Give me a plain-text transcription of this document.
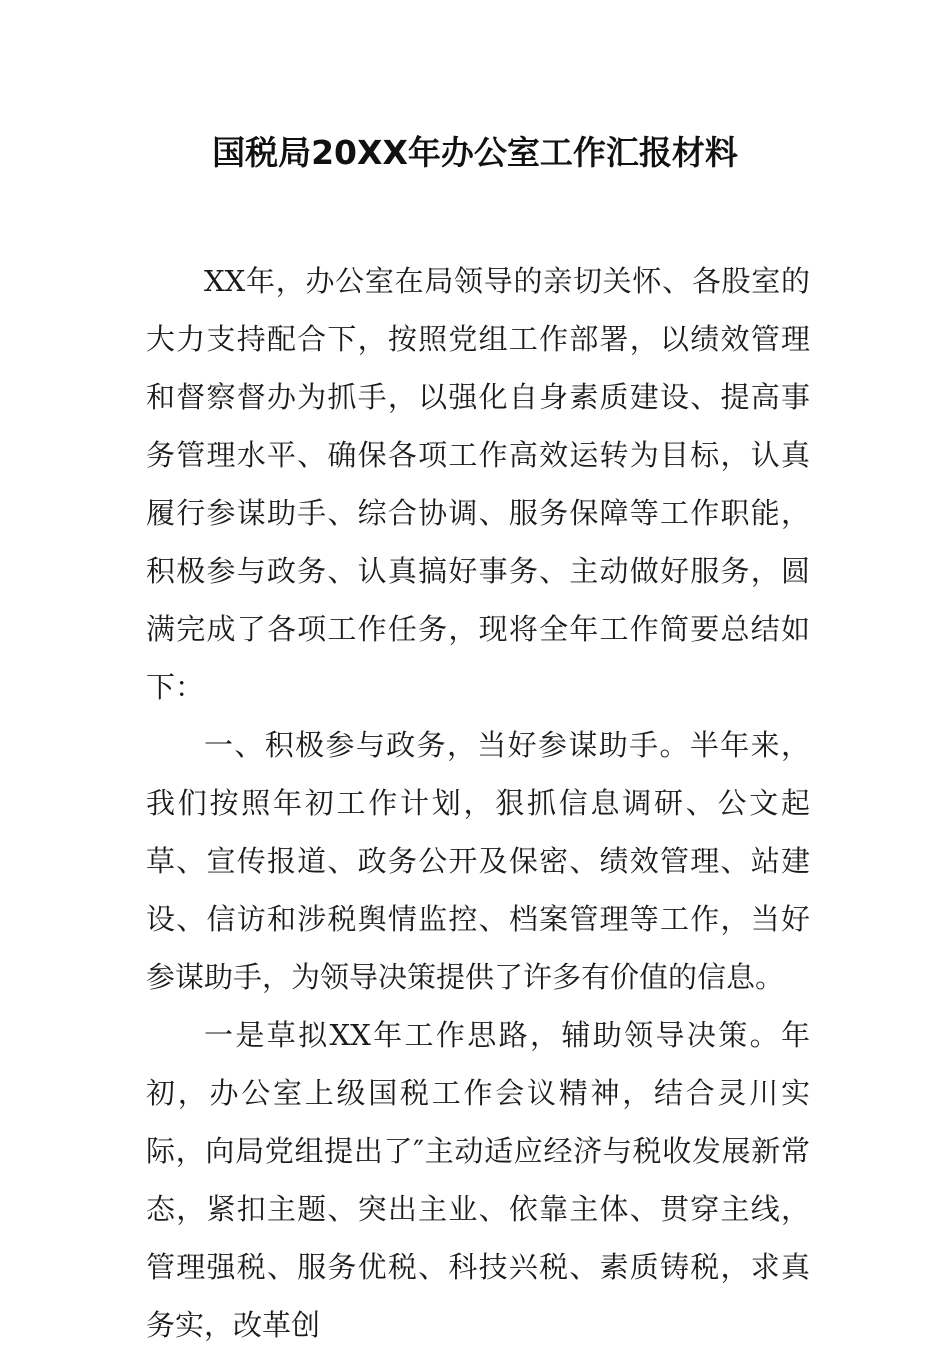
国税局20XX年办公室工作汇报材料

XX年，办公室在局领导的亲切关怀、各股室的大力支持配合下，按照党组工作部署，以绩效管理和督察督办为抓手，以强化自身素质建设、提高事务管理水平、确保各项工作高效运转为目标，认真履行参谋助手、综合协调、服务保障等工作职能，积极参与政务、认真搞好事务、主动做好服务，圆满完成了各项工作任务，现将全年工作简要总结如下：

一、积极参与政务，当好参谋助手。半年来，我们按照年初工作计划，狠抓信息调研、公文起草、宣传报道、政务公开及保密、绩效管理、站建设、信访和涉税舆情监控、档案管理等工作，当好参谋助手，为领导决策提供了许多有价值的信息。

一是草拟XX年工作思路，辅助领导决策。年初，办公室上级国税工作会议精神，结合灵川实际，向局党组提出了″主动适应经济与税收发展新常态，紧扣主题、突出主业、依靠主体、贯穿主线，管理强税、服务优税、科技兴税、素质铸税，求真务实，改革创
